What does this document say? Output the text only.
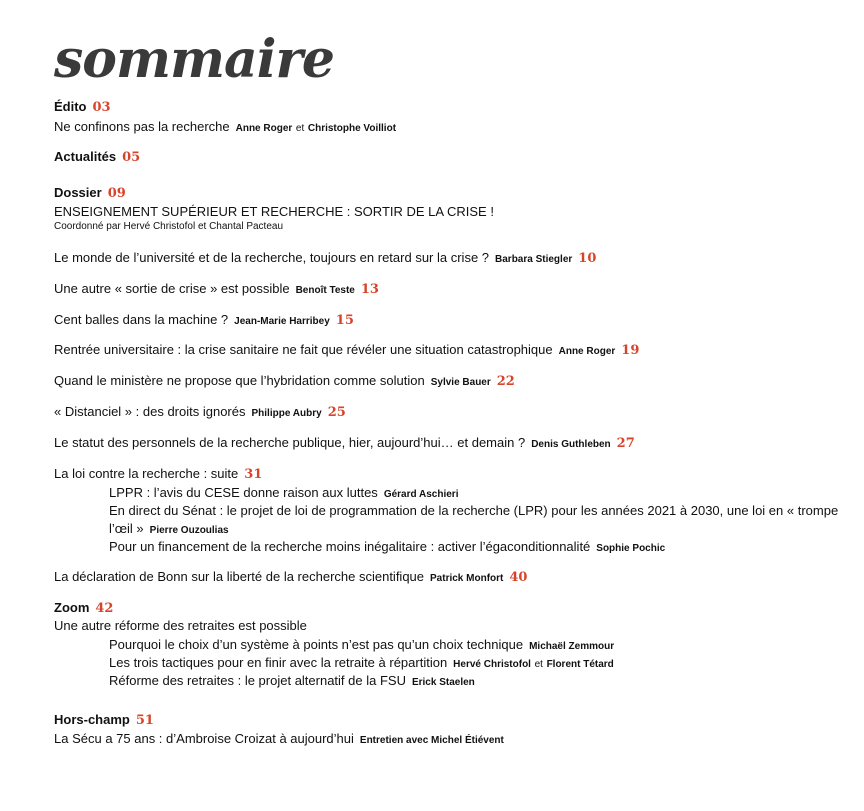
sommaire
Édito 03
Ne confinons pas la recherche Anne Roger et Christophe Voilliot
Actualités 05
Dossier 09
ENSEIGNEMENT SUPÉRIEUR ET RECHERCHE : SORTIR DE LA CRISE !
Coordonné par Hervé Christofol et Chantal Pacteau
Le monde de l’université et de la recherche, toujours en retard sur la crise ? Barbara Stiegler 10
Une autre « sortie de crise » est possible Benoît Teste 13
Cent balles dans la machine ? Jean-Marie Harribey 15
Rentrée universitaire : la crise sanitaire ne fait que révéler une situation catastrophique Anne Roger 19
Quand le ministère ne propose que l’hybridation comme solution Sylvie Bauer 22
« Distanciel » : des droits ignorés Philippe Aubry 25
Le statut des personnels de la recherche publique, hier, aujourd’hui… et demain ? Denis Guthleben 27
La loi contre la recherche : suite 31
LPPR : l’avis du CESE donne raison aux luttes Gérard Aschieri
En direct du Sénat : le projet de loi de programmation de la recherche (LPR) pour les années 2021 à 2030, une loi en « trompe l’œil » Pierre Ouzoulias
Pour un financement de la recherche moins inégalitaire : activer l’égaconditionnalité Sophie Pochic
La déclaration de Bonn sur la liberté de la recherche scientifique Patrick Monfort 40
Zoom 42
Une autre réforme des retraites est possible
Pourquoi le choix d’un système à points n’est pas qu’un choix technique Michaël Zemmour
Les trois tactiques pour en finir avec la retraite à répartition Hervé Christofol et Florent Tétard
Réforme des retraites : le projet alternatif de la FSU Erick Staelen
Hors-champ 51
La Sécu a 75 ans : d’Ambroise Croizat à aujourd’hui Entretien avec Michel Étiévent
